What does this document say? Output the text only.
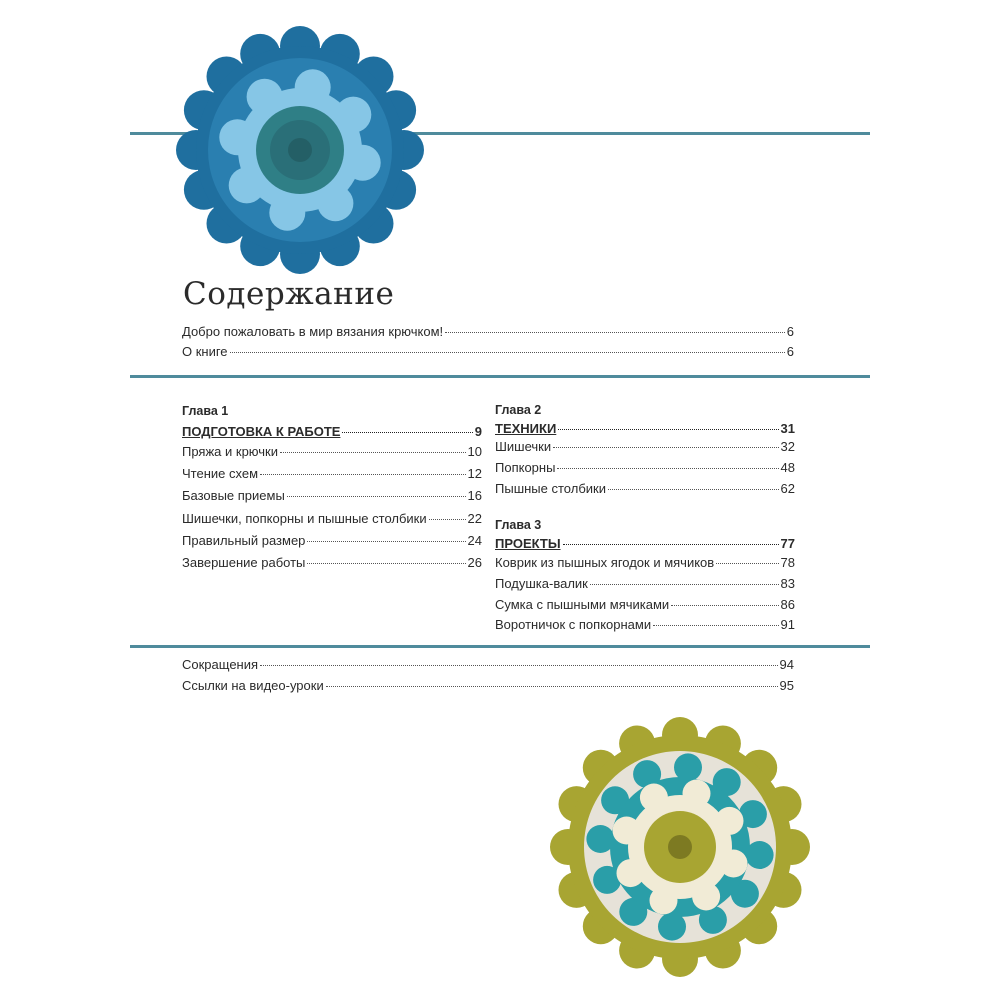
Содержание
Добро пожаловать в мир вязания крючком!	6
О книге	6
Глава 1
ПОДГОТОВКА К РАБОТЕ	9
Пряжа и крючки	10
Чтение схем	12
Базовые приемы	16
Шишечки, попкорны и пышные столбики	22
Правильный размер	24
Завершение работы	26
Глава 2
ТЕХНИКИ	31
Шишечки	32
Попкорны	48
Пышные столбики	62
Глава 3
ПРОЕКТЫ	77
Коврик из пышных ягодок и мячиков	78
Подушка-валик	83
Сумка с пышными мячиками	86
Воротничок с попкорнами	91
Сокращения	94
Ссылки на видео-уроки	95
